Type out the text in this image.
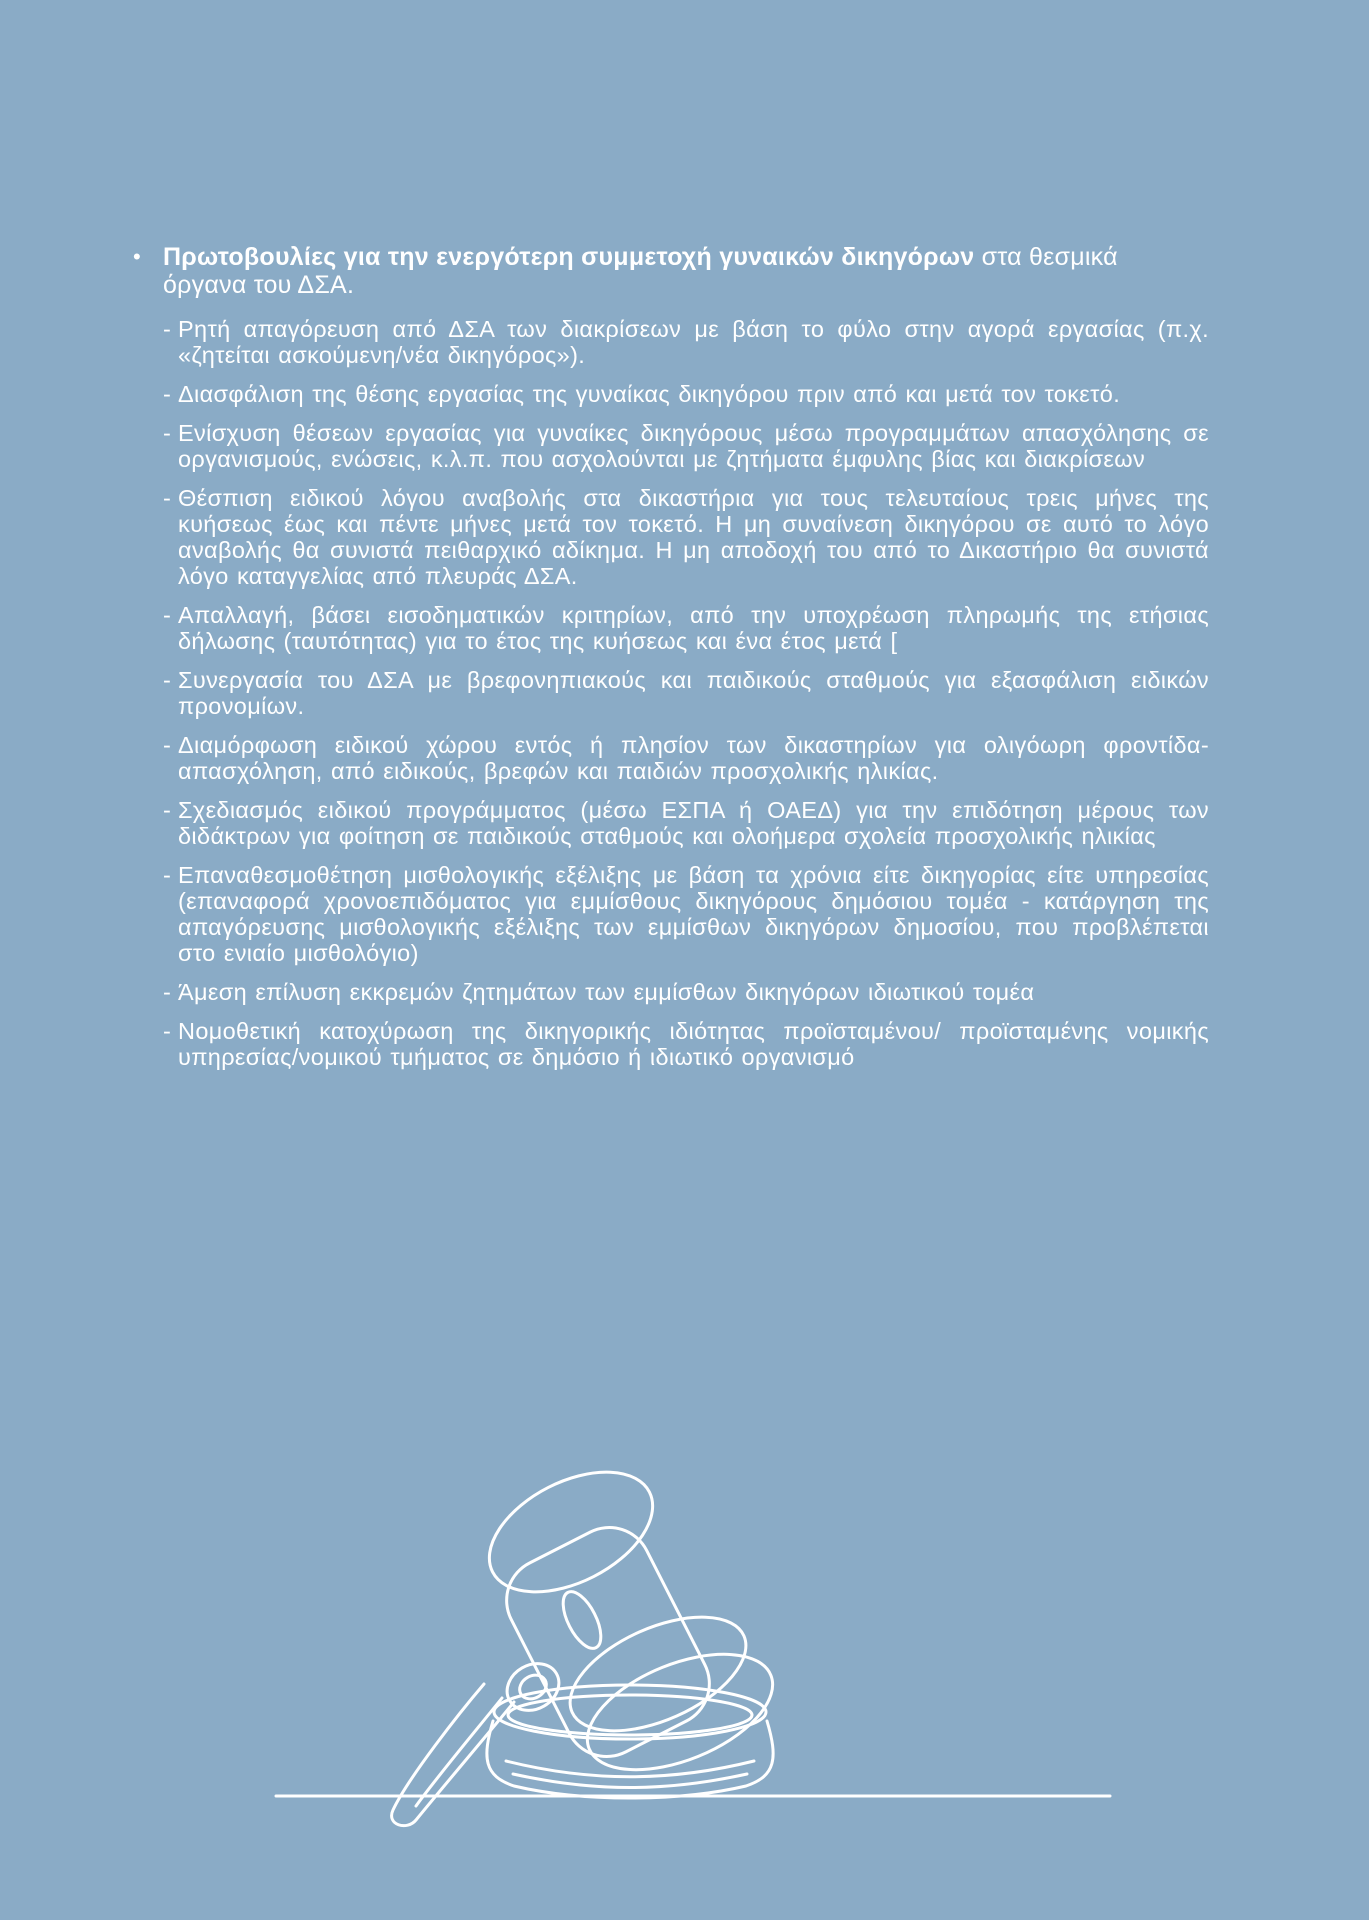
• Πρωτοβουλίες για την ενεργότερη συμμετοχή γυναικών δικηγόρων στα θεσμικά
όργανα του ΔΣΑ.
- Ρητή απαγόρευση από ΔΣΑ των διακρίσεων με βάση το φύλο στην αγορά εργασίας (π.χ. «ζητείται ασκούμενη/νέα δικηγόρος»).
- Διασφάλιση της θέσης εργασίας της γυναίκας δικηγόρου πριν από και μετά τον τοκετό.
- Ενίσχυση θέσεων εργασίας για γυναίκες δικηγόρους μέσω προγραμμάτων απασχόλησης σε οργανισμούς, ενώσεις, κ.λ.π. που ασχολούνται με ζητήματα έμφυλης βίας και διακρίσεων
- Θέσπιση ειδικού λόγου αναβολής στα δικαστήρια για τους τελευταίους τρεις μήνες της κυήσεως έως και πέντε μήνες μετά τον τοκετό. Η μη συναίνεση δικηγόρου σε αυτό το λόγο αναβολής θα συνιστά πειθαρχικό αδίκημα. Η μη αποδοχή του από το Δικαστήριο θα συνιστά λόγο καταγγελίας από πλευράς ΔΣΑ.
- Απαλλαγή, βάσει εισοδηματικών κριτηρίων, από την υποχρέωση πληρωμής της ετήσιας δήλωσης (ταυτότητας) για το έτος της κυήσεως και ένα έτος μετά [
- Συνεργασία του ΔΣΑ με βρεφονηπιακούς και παιδικούς σταθμούς για εξασφάλιση ειδικών προνομίων.
- Διαμόρφωση ειδικού χώρου εντός ή πλησίον των δικαστηρίων για ολιγόωρη φροντίδα-απασχόληση, από ειδικούς, βρεφών και παιδιών προσχολικής ηλικίας.
- Σχεδιασμός ειδικού προγράμματος (μέσω ΕΣΠΑ ή ΟΑΕΔ) για την επιδότηση μέρους των διδάκτρων για φοίτηση σε παιδικούς σταθμούς και ολοήμερα σχολεία προσχολικής ηλικίας
- Επαναθεσμοθέτηση μισθολογικής εξέλιξης με βάση τα χρόνια είτε δικηγορίας είτε υπηρεσίας (επαναφορά χρονοεπιδόματος για εμμίσθους δικηγόρους δημόσιου τομέα - κατάργηση της απαγόρευσης μισθολογικής εξέλιξης των εμμίσθων δικηγόρων δημοσίου, που προβλέπεται στο ενιαίο μισθολόγιο)
- Άμεση επίλυση εκκρεμών ζητημάτων των εμμίσθων δικηγόρων ιδιωτικού τομέα
- Νομοθετική κατοχύρωση της δικηγορικής ιδιότητας προϊσταμένου/ προϊσταμένης νομικής υπηρεσίας/νομικού τμήματος σε δημόσιο ή ιδιωτικό οργανισμό
